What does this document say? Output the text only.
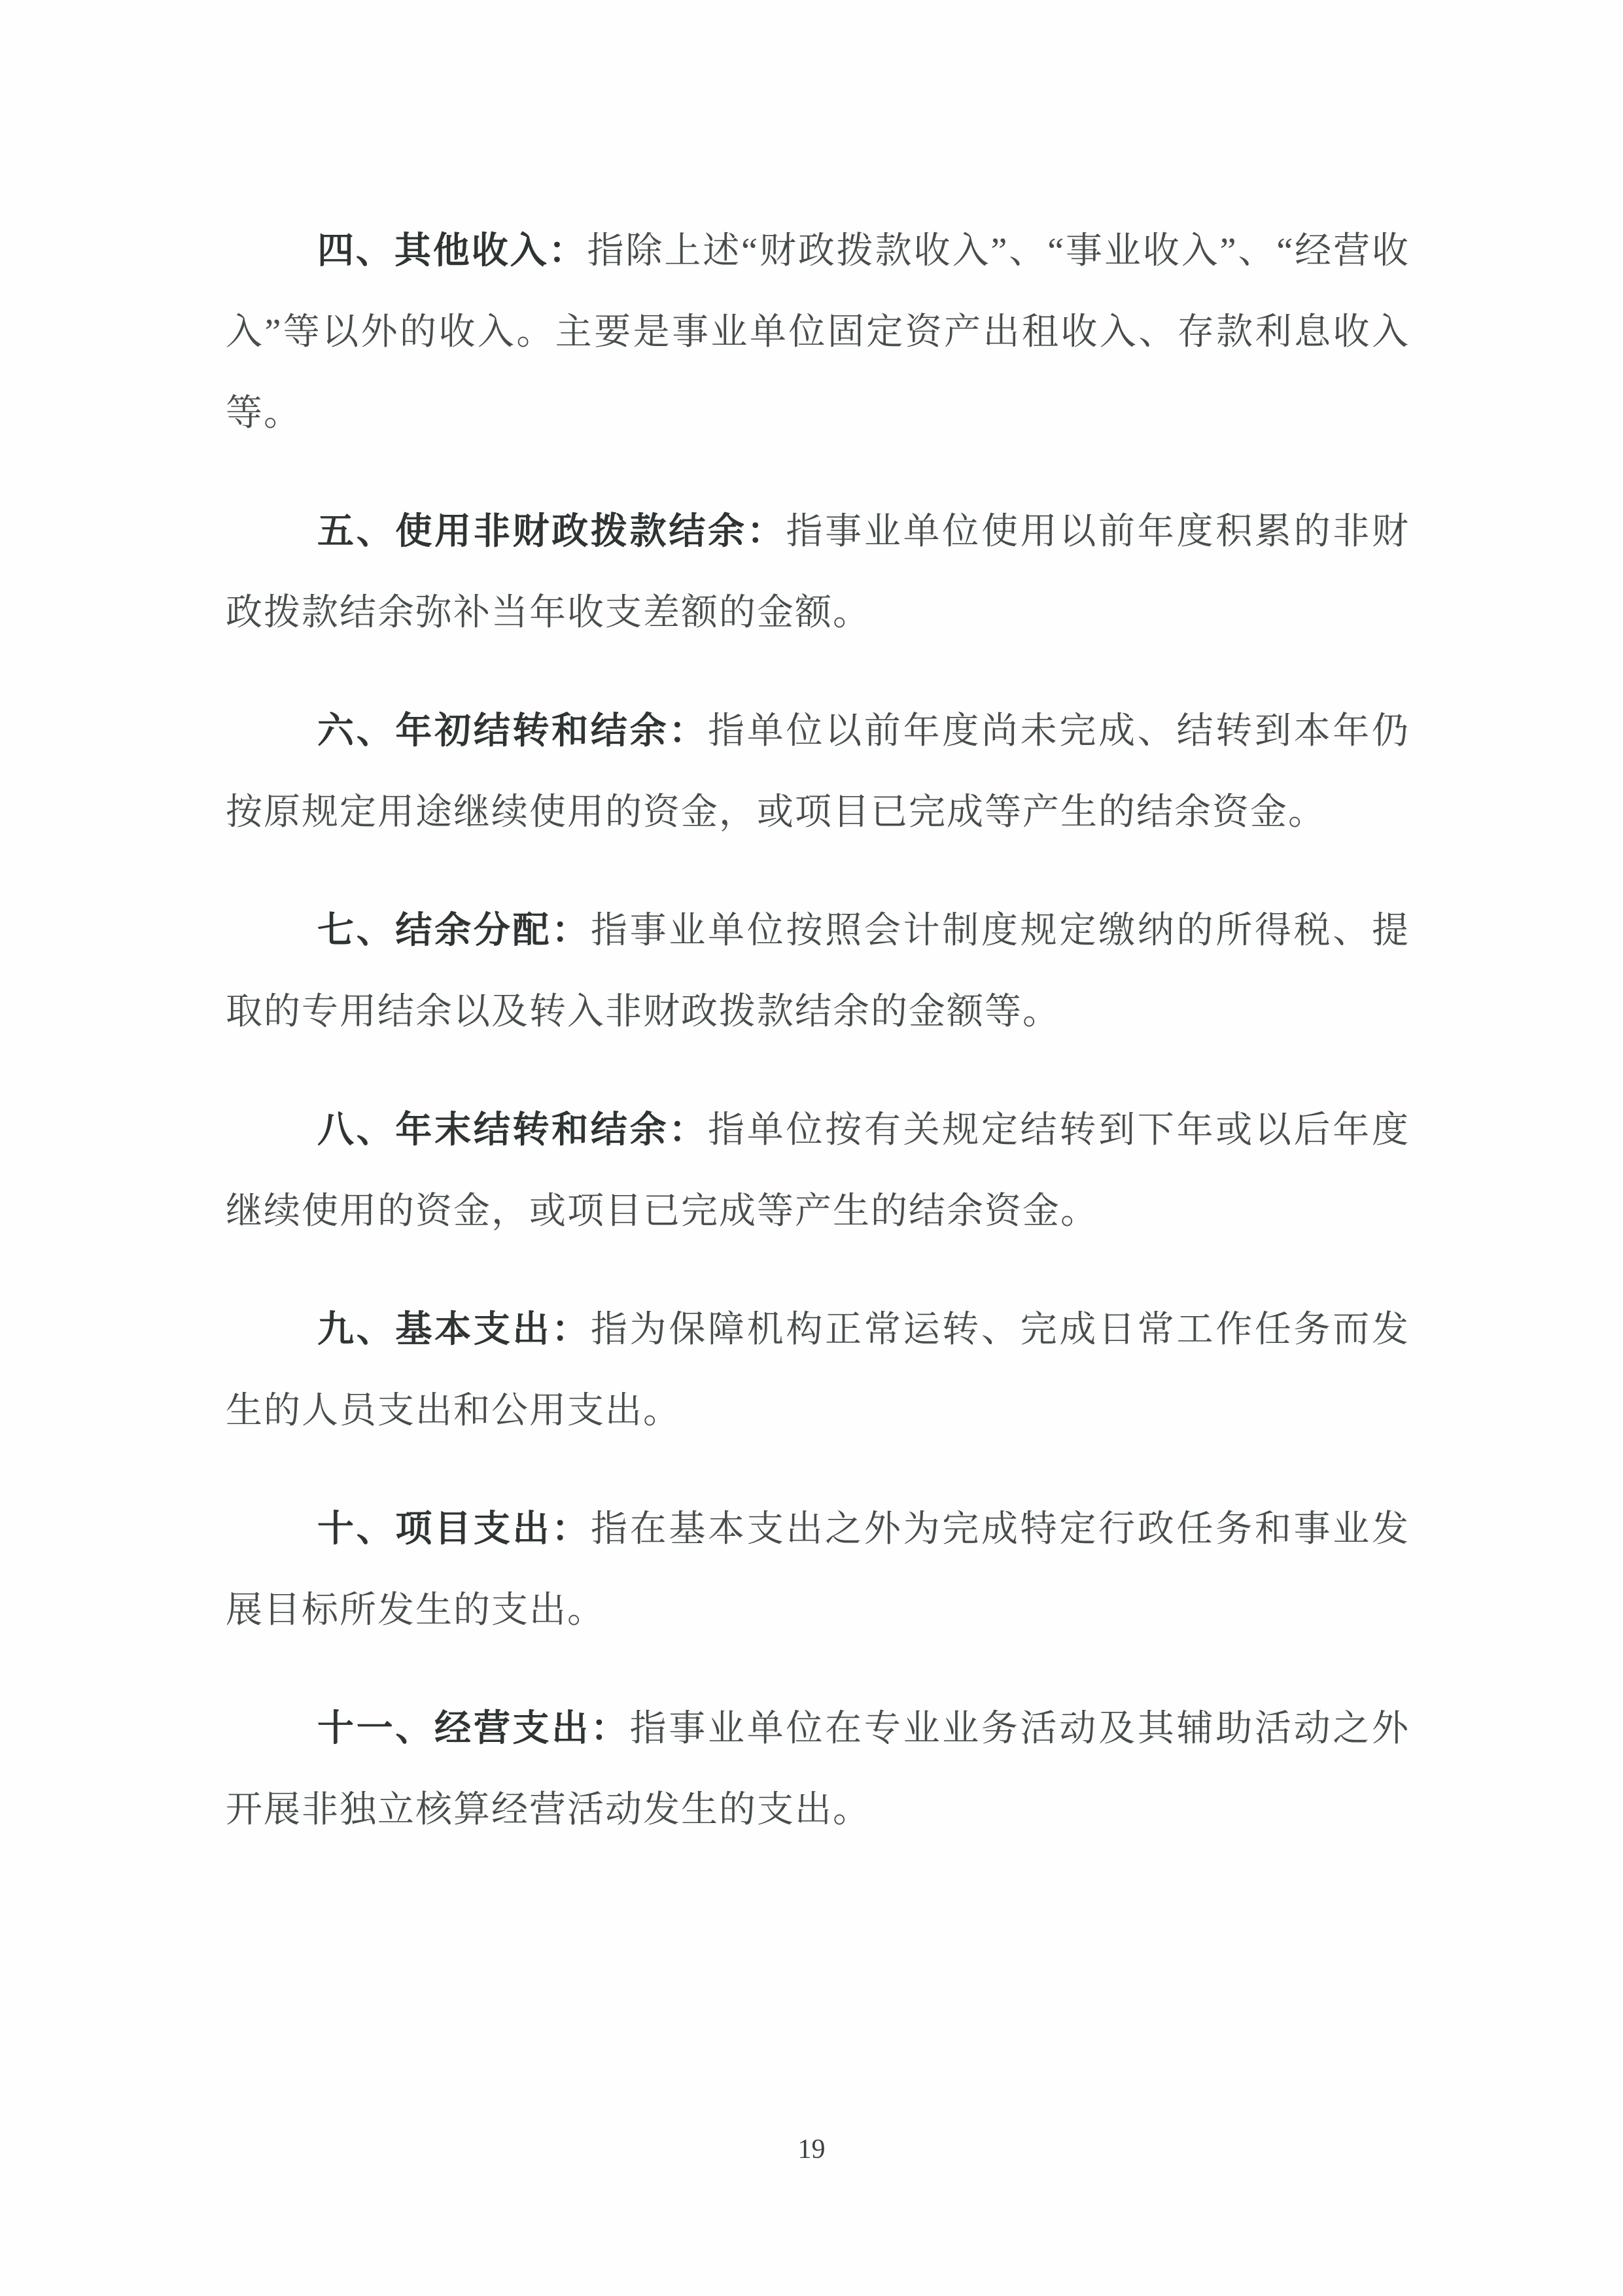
四、其他收入：指除上述“财政拨款收入”、“事业收入”、“经营收入”等以外的收入。主要是事业单位固定资产出租收入、存款利息收入等。

五、使用非财政拨款结余：指事业单位使用以前年度积累的非财政拨款结余弥补当年收支差额的金额。

六、年初结转和结余：指单位以前年度尚未完成、结转到本年仍按原规定用途继续使用的资金，或项目已完成等产生的结余资金。

七、结余分配：指事业单位按照会计制度规定缴纳的所得税、提取的专用结余以及转入非财政拨款结余的金额等。

八、年末结转和结余：指单位按有关规定结转到下年或以后年度继续使用的资金，或项目已完成等产生的结余资金。

九、基本支出：指为保障机构正常运转、完成日常工作任务而发生的人员支出和公用支出。

十、项目支出：指在基本支出之外为完成特定行政任务和事业发展目标所发生的支出。

十一、经营支出：指事业单位在专业业务活动及其辅助活动之外开展非独立核算经营活动发生的支出。

19
